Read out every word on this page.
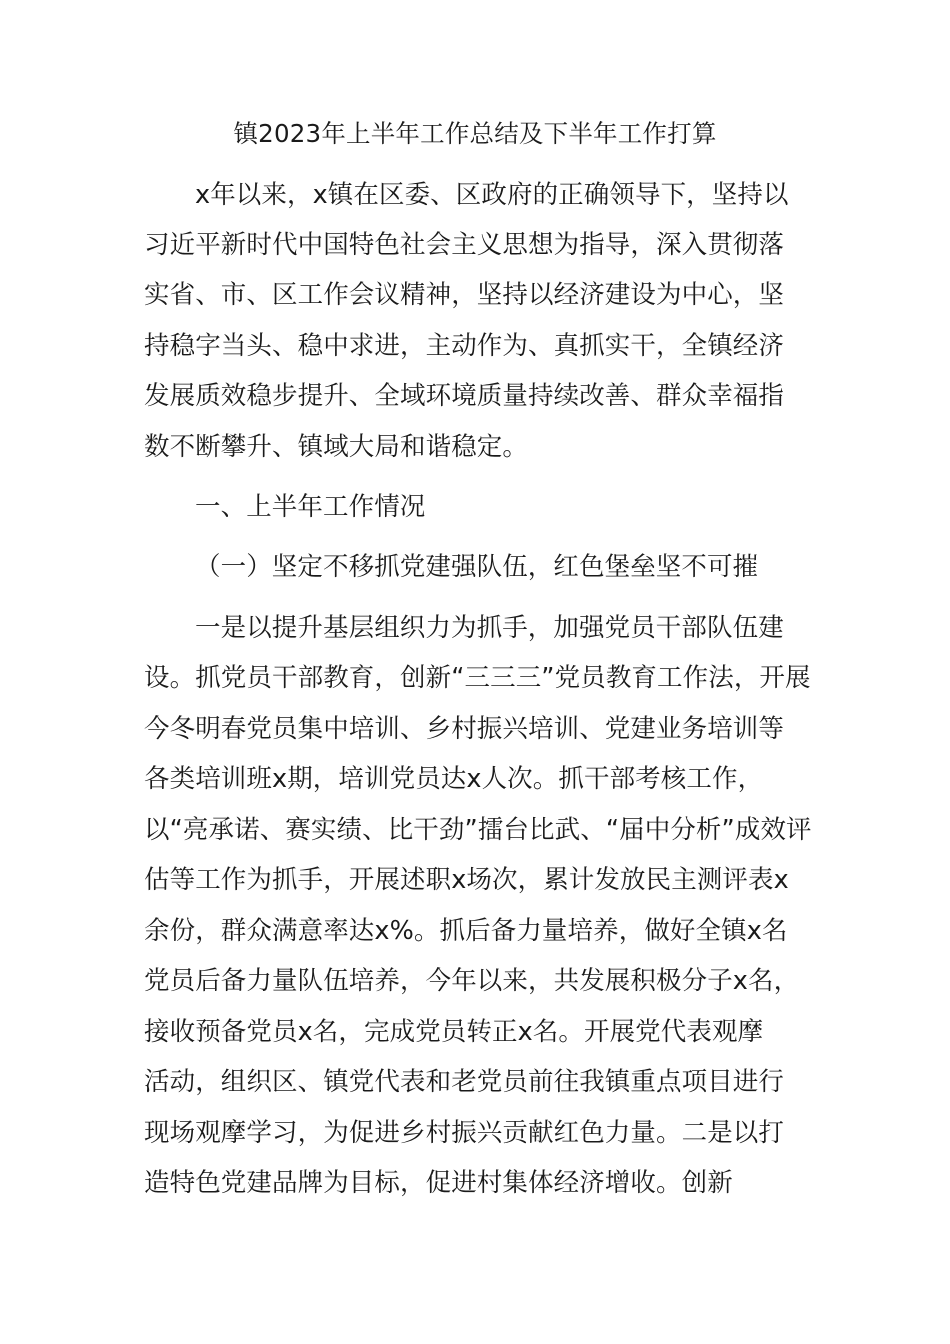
镇2023年上半年工作总结及下半年工作打算
x年以来，x镇在区委、区政府的正确领导下，坚持以
习近平新时代中国特色社会主义思想为指导，深入贯彻落
实省、市、区工作会议精神，坚持以经济建设为中心，坚
持稳字当头、稳中求进，主动作为、真抓实干，全镇经济
发展质效稳步提升、全域环境质量持续改善、群众幸福指
数不断攀升、镇域大局和谐稳定。
一、上半年工作情况
（一）坚定不移抓党建强队伍，红色堡垒坚不可摧
一是以提升基层组织力为抓手，加强党员干部队伍建
设。抓党员干部教育，创新“三三三”党员教育工作法，开展
今冬明春党员集中培训、乡村振兴培训、党建业务培训等
各类培训班x期，培训党员达x人次。抓干部考核工作，
以“亮承诺、赛实绩、比干劲”擂台比武、“届中分析”成效评
估等工作为抓手，开展述职x场次，累计发放民主测评表x
余份，群众满意率达x%。抓后备力量培养，做好全镇x名
党员后备力量队伍培养，今年以来，共发展积极分子x名，
接收预备党员x名，完成党员转正x名。开展党代表观摩
活动，组织区、镇党代表和老党员前往我镇重点项目进行
现场观摩学习，为促进乡村振兴贡献红色力量。二是以打
造特色党建品牌为目标，促进村集体经济增收。创新
